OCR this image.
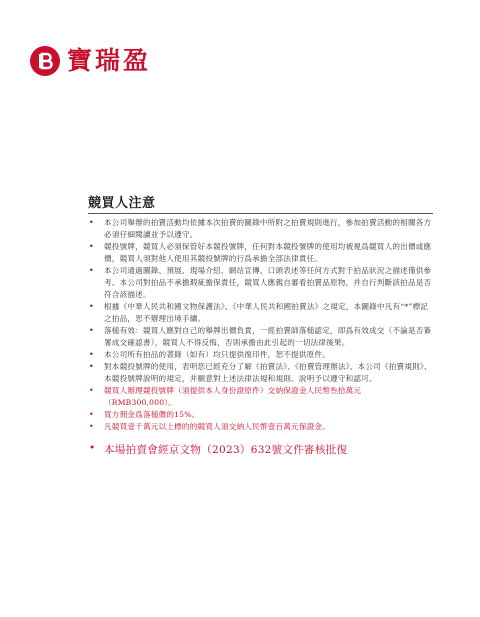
寶瑞盈
競買人注意
• 本公司舉辦的拍賣活動均依據本次拍賣的圖錄中所附之拍賣規則進行，參加拍賣活動的相關各方必須仔細閱讀並予以遵守。
• 競投號牌，競買人必須保管好本競投號牌，任何對本競投號牌的使用均被視爲競買人的出價或應價，競買人須對他人使用其競投號牌的行爲承擔全部法律責任。
• 本公司通過圖錄、預展、現場介紹、網站宣傳、口頭表述等任何方式對于拍品狀況之描述僅供參考。本公司對拍品不承擔瑕疵擔保責任，競買人應親自審看拍賣品原物，并自行判斷該拍品是否符合該描述。
• 根據《中華人民共和國文物保護法》、《中華人民共和國拍賣法》之規定，本圖錄中凡有“*”標記之拍品，恕不辦理出境手續。
• 落槌有效：競買人應對自己的舉牌出價負責，一經拍賣師落槌認定，即爲有效成交（不論是否簽署成交確認書），競買人不得反悔，否則承擔由此引起的一切法律後果。
• 本公司所有拍品的著錄（如有）均只提供復印件，恕不提供原件。
• 對本競投號牌的使用，表明您已經充分了解《拍賣法》、《拍賣管理辦法》、本公司《拍賣規則》、本競投號牌說明的規定，并願意對上述法律法規和規則、說明予以遵守和認可。
• 競買人辦理競投號牌（須提供本人身份證原件）交納保證金人民幣叁拾萬元（RMB300,000）。
• 買方佣金爲落槌價的15%。
• 凡競買壹千萬元以上標的的競買人須交納人民幣壹百萬元保證金。
• 本場拍賣會經京文物（2023）632號文件審核批復
